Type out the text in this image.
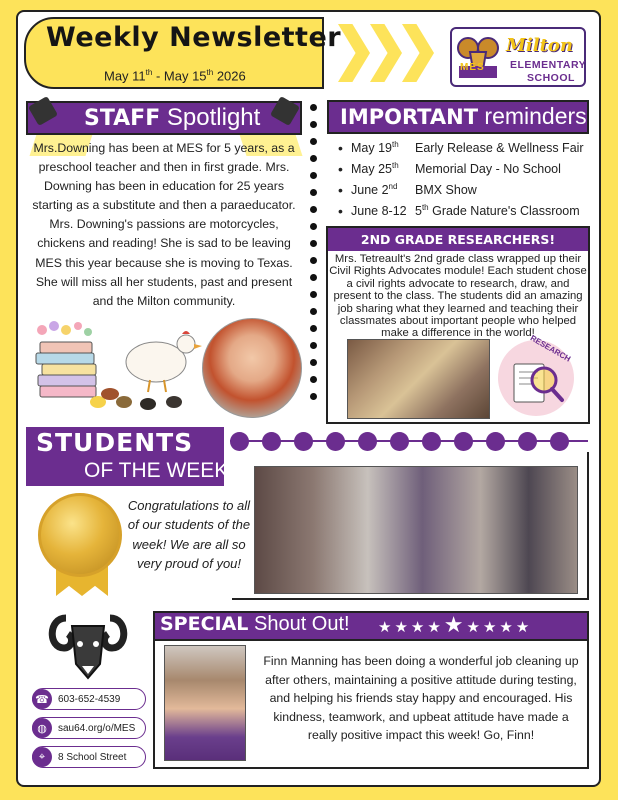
Weekly Newsletter
May 11th - May 15th 2026
MES
Milton
ELEMENTARY
SCHOOL
STAFF Spotlight
Mrs.Downing has been at MES for 5 years, as a preschool teacher and then in first grade. Mrs. Downing has been in education for 25 years starting as a substitute and then a paraeducator. Mrs. Downing's passions are motorcycles, chickens and reading! She is sad to be leaving MES this year because she is moving to Texas. She will miss all her students, past and present and the Milton community.
IMPORTANT reminders
• May 19th Early Release & Wellness Fair
• May 25th Memorial Day - No School
• June 2nd BMX Show
• June 8-12 5th Grade Nature's Classroom
2ND GRADE RESEARCHERS!
Mrs. Tetreault's 2nd grade class wrapped up their Civil Rights Advocates module! Each student chose a civil rights advocate to research, draw, and present to the class. The students did an amazing job sharing what they learned and teaching their classmates about important people who helped make a difference in the world!
RESEARCH
STUDENTS
OF THE WEEK
Congratulations to all of our students of the week! We are all so very proud of you!
SPECIAL Shout Out! ★★★★★★★★★
Finn Manning has been doing a wonderful job cleaning up after others, maintaining a positive attitude during testing, and helping his friends stay happy and encouraged. His kindness, teamwork, and upbeat attitude have made a really positive impact this week! Go, Finn!
☎ 603-652-4539
◍	sau64.org/o/MES
⌖	8 School Street
